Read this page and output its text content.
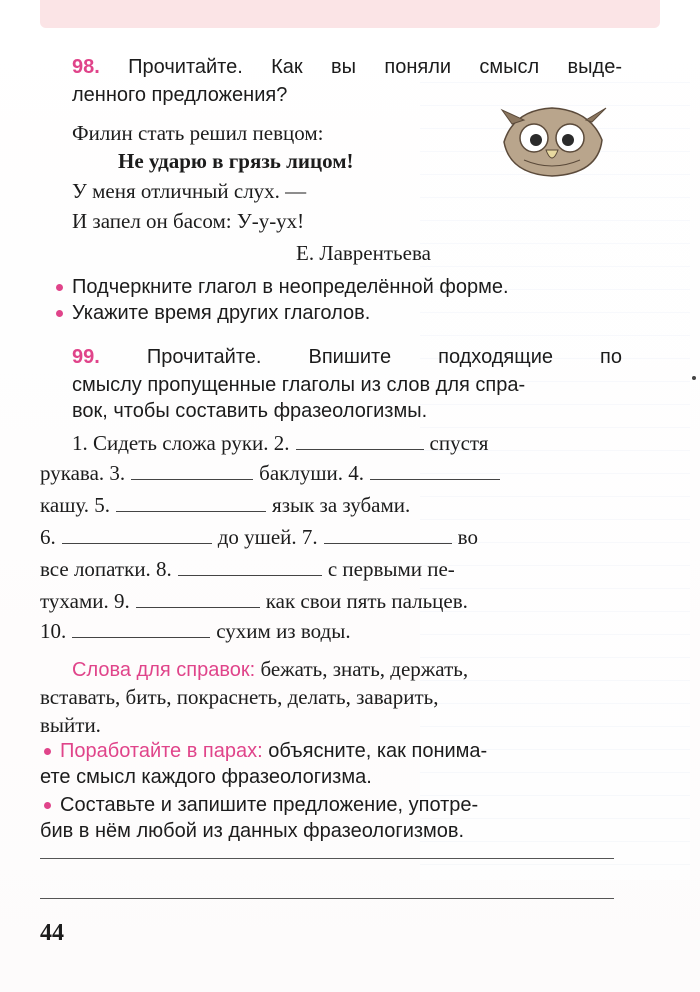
98. Прочитайте. Как вы поняли смысл выде-
ленного предложения?
Филин стать решил певцом:
Не ударю в грязь лицом!
У меня отличный слух. —
И запел он басом: У-у-ух!
Е. Лаврентьева
Подчеркните глагол в неопределённой форме.
Укажите время других глаголов.
99. Прочитайте. Впишите подходящие по
смыслу пропущенные глаголы из слов для спра-
вок, чтобы составить фразеологизмы.
1. Сидеть сложа руки. 2.	спустя
рукава. 3.	баклуши. 4.
кашу. 5.	язык за зубами.
6.	до ушей. 7.	во
все лопатки. 8.	с первыми пе-
тухами. 9.	как свои пять пальцев.
10.	сухим из воды.
Слова для справок: бежать, знать, держать,
вставать, бить, покраснеть, делать, заварить,
выйти.
Поработайте в парах: объясните, как понима-
ете смысл каждого фразеологизма.
Составьте и запишите предложение, употре-
бив в нём любой из данных фразеологизмов.
44
